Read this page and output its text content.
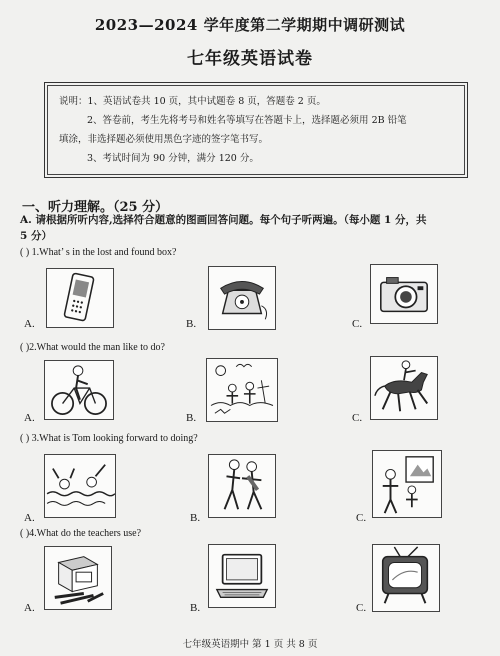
2023—2024 学年度第二学期期中调研测试
七年级英语试卷
说明：1、英语试卷共 10 页，其中试题卷 8 页，答题卷 2 页。
2、答卷前，考生先将考号和姓名等填写在答题卡上，选择题必须用 2B 铅笔
填涂，非选择题必须使用黑色字迹的签字笔书写。
3、考试时间为 90 分钟，满分 120 分。
一、听力理解。（25 分）
A. 请根据所听内容,选择符合题意的图画回答问题。每个句子听两遍。（每小题 1 分，共
5 分）
( ) 1.What’ s in the lost and found box?
A.	B.	C.
( )2.What would the man like to do?
A.	B.	C.
( ) 3.What is Tom looking forward to doing?
A.	B.	C.
( )4.What do the teachers use?
A.	B.	C.
七年级英语期中 第 1 页 共 8 页
